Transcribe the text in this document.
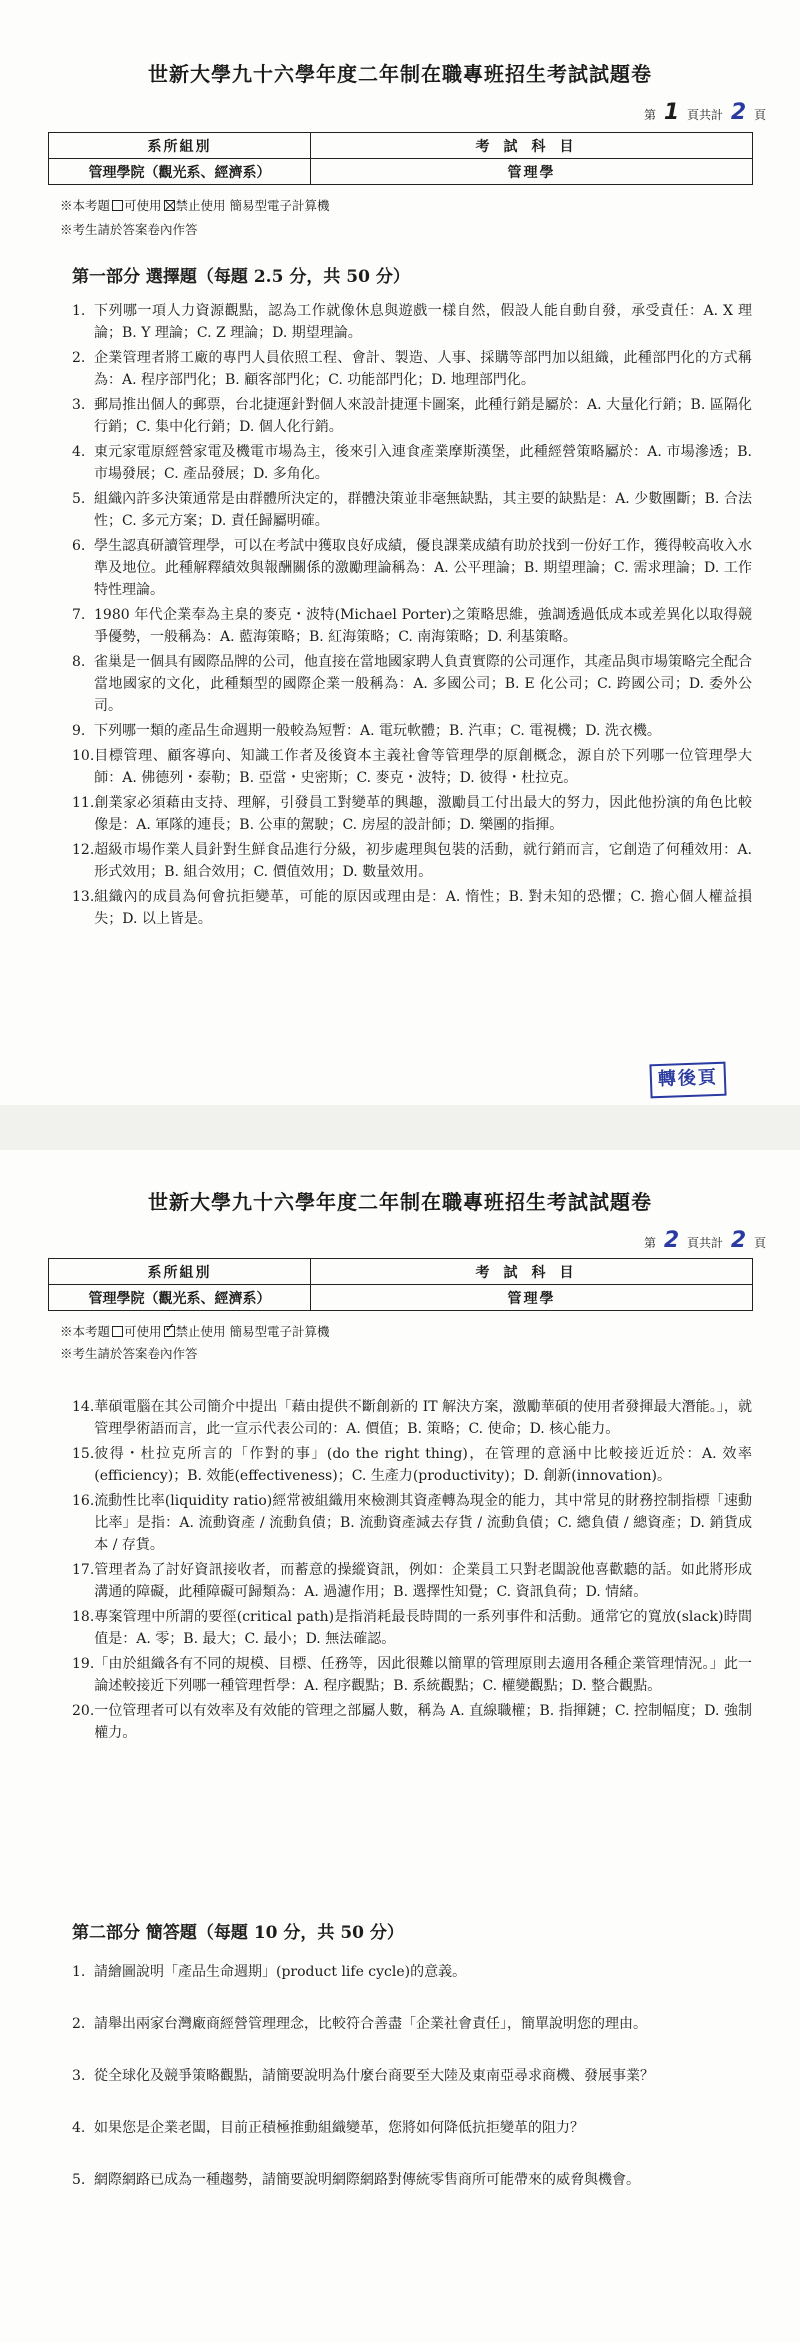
世新大學九十六學年度二年制在職專班招生考試試題卷
第 1 頁共計 2 頁
系所組別	考試科目
管理學院（觀光系、經濟系）	管理學
※本考題 可使用 禁止使用 簡易型電子計算機
※考生請於答案卷內作答
第一部分 選擇題（每題 2.5 分，共 50 分）
1. 下列哪一項人力資源觀點，認為工作就像休息與遊戲一樣自然，假設人能自動自發，承受責任：A. X 理論；B. Y 理論；C. Z 理論；D. 期望理論。
2. 企業管理者將工廠的專門人員依照工程、會計、製造、人事、採購等部門加以組織，此種部門化的方式稱為：A. 程序部門化；B. 顧客部門化；C. 功能部門化；D. 地理部門化。
3. 郵局推出個人的郵票，台北捷運針對個人來設計捷運卡圖案，此種行銷是屬於：A. 大量化行銷；B. 區隔化行銷；C. 集中化行銷；D. 個人化行銷。
4. 東元家電原經營家電及機電市場為主，後來引入連食產業摩斯漢堡，此種經營策略屬於：A. 市場滲透；B. 市場發展；C. 產品發展；D. 多角化。
5. 組織內許多決策通常是由群體所決定的，群體決策並非毫無缺點，其主要的缺點是：A. 少數團斷；B. 合法性；C. 多元方案；D. 責任歸屬明確。
6. 學生認真研讀管理學，可以在考試中獲取良好成績，優良課業成績有助於找到一份好工作，獲得較高收入水準及地位。此種解釋績效與報酬關係的激勵理論稱為：A. 公平理論；B. 期望理論；C. 需求理論；D. 工作特性理論。
7. 1980 年代企業奉為主臬的麥克・波特(Michael Porter)之策略思維，強調透過低成本或差異化以取得競爭優勢，一般稱為：A. 藍海策略；B. 紅海策略；C. 南海策略；D. 利基策略。
8. 雀巢是一個具有國際品牌的公司，他直接在當地國家聘人負責實際的公司運作，其產品與市場策略完全配合當地國家的文化，此種類型的國際企業一般稱為：A. 多國公司；B. E 化公司；C. 跨國公司；D. 委外公司。
9. 下列哪一類的產品生命週期一般較為短暫：A. 電玩軟體；B. 汽車；C. 電視機；D. 洗衣機。
10. 目標管理、顧客導向、知識工作者及後資本主義社會等管理學的原創概念，源自於下列哪一位管理學大師：A. 佛德列・泰勒；B. 亞當・史密斯；C. 麥克・波特；D. 彼得・杜拉克。
11. 創業家必須藉由支持、理解，引發員工對變革的興趣，激勵員工付出最大的努力，因此他扮演的角色比較像是：A. 軍隊的連長；B. 公車的駕駛；C. 房屋的設計師；D. 樂團的指揮。
12. 超級市場作業人員針對生鮮食品進行分級，初步處理與包裝的活動，就行銷而言，它創造了何種效用：A. 形式效用；B. 組合效用；C. 價值效用；D. 數量效用。
13. 組織內的成員為何會抗拒變革，可能的原因或理由是：A. 惰性；B. 對未知的恐懼；C. 擔心個人權益損失；D. 以上皆是。
轉後頁
世新大學九十六學年度二年制在職專班招生考試試題卷
第 2 頁共計 2 頁
系所組別	考試科目
管理學院（觀光系、經濟系）	管理學
※本考題 可使用 ✓ 禁止使用 簡易型電子計算機
※考生請於答案卷內作答
14. 華碩電腦在其公司簡介中提出「藉由提供不斷創新的 IT 解決方案，激勵華碩的使用者發揮最大潛能。」，就管理學術語而言，此一宣示代表公司的：A. 價值；B. 策略；C. 使命；D. 核心能力。
15. 彼得・杜拉克所言的「作對的事」(do the right thing)，在管理的意涵中比較接近近於：A. 效率(efficiency)；B. 效能(effectiveness)；C. 生產力(productivity)；D. 創新(innovation)。
16. 流動性比率(liquidity ratio)經常被組織用來檢測其資產轉為現金的能力，其中常見的財務控制指標「速動比率」是指：A. 流動資產 / 流動負債；B. 流動資產減去存貨 / 流動負債；C. 總負債 / 總資產；D. 銷貨成本 / 存貨。
17. 管理者為了討好資訊接收者，而蓄意的操縱資訊，例如：企業員工只對老闆說他喜歡聽的話。如此將形成溝通的障礙，此種障礙可歸類為：A. 過濾作用；B. 選擇性知覺；C. 資訊負荷；D. 情緒。
18. 專案管理中所謂的要徑(critical path)是指消耗最長時間的一系列事件和活動。通常它的寬放(slack)時間值是：A. 零；B. 最大；C. 最小；D. 無法確認。
19. 「由於組織各有不同的規模、目標、任務等，因此很難以簡單的管理原則去適用各種企業管理情況。」此一論述較接近下列哪一種管理哲學：A. 程序觀點；B. 系統觀點；C. 權變觀點；D. 整合觀點。
20. 一位管理者可以有效率及有效能的管理之部屬人數，稱為 A. 直線職權；B. 指揮鏈；C. 控制幅度；D. 強制權力。
第二部分 簡答題（每題 10 分，共 50 分）
1. 請繪圖說明「產品生命週期」(product life cycle)的意義。
2. 請舉出兩家台灣廠商經營管理理念，比較符合善盡「企業社會責任」，簡單說明您的理由。
3. 從全球化及競爭策略觀點，請簡要說明為什麼台商要至大陸及東南亞尋求商機、發展事業？
4. 如果您是企業老闆，目前正積極推動組織變革，您將如何降低抗拒變革的阻力？
5. 網際網路已成為一種趨勢，請簡要說明網際網路對傳統零售商所可能帶來的威脅與機會。
